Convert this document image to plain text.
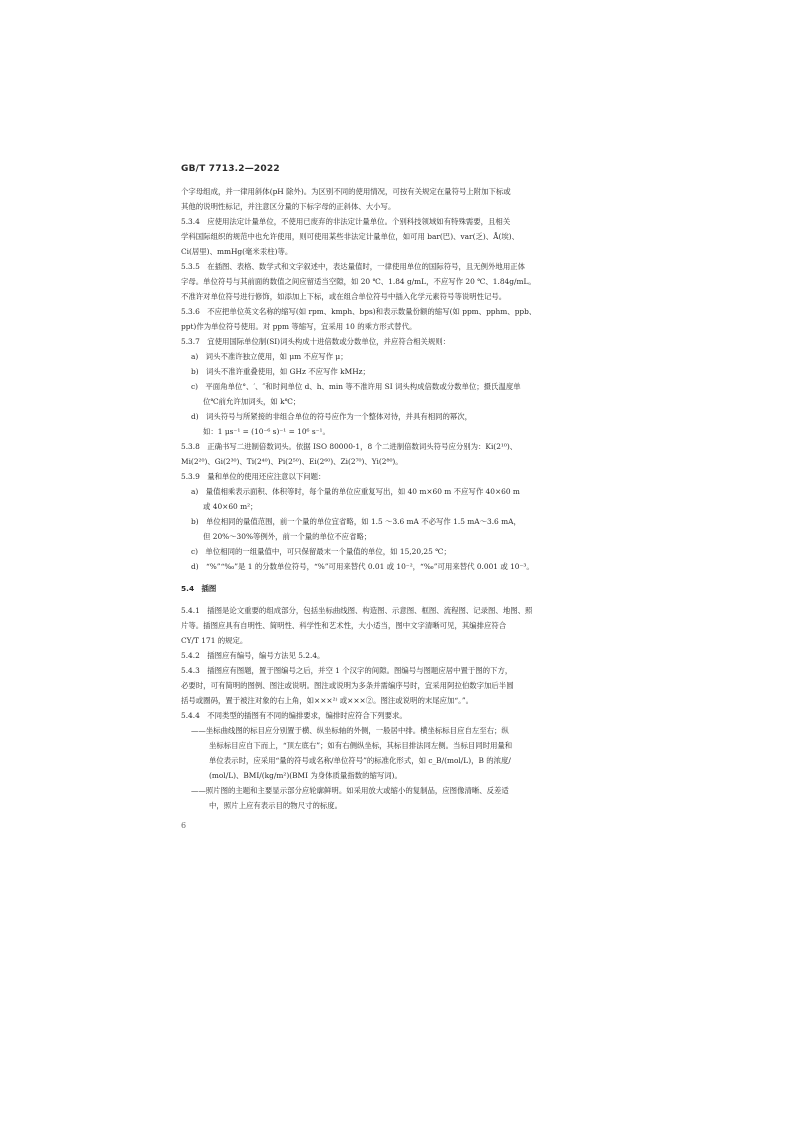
GB/T 7713.2—2022
个字母组成，并一律用斜体(pH 除外)。为区别不同的使用情况，可按有关规定在量符号上附加下标或
其他的说明性标记，并注意区分量的下标字母的正斜体、大小写。
5.3.4　应使用法定计量单位，不使用已废弃的非法定计量单位。个别科技领域如有特殊需要，且相关
学科国际组织的规范中也允许使用，则可使用某些非法定计量单位，如可用 bar(巴)、var(乏)、Å(埃)、
Ci(居里)、mmHg(毫米汞柱)等。
5.3.5　在插图、表格、数学式和文字叙述中，表达量值时，一律使用单位的国际符号，且无例外地用正体
字母。单位符号与其前面的数值之间应留适当空隙，如 20 ℃、1.84 g/mL，不应写作 20 ℃、1.84g/mL。
不准许对单位符号进行修饰，如添加上下标，或在组合单位符号中插入化学元素符号等说明性记号。
5.3.6　不应把单位英文名称的缩写(如 rpm、kmph、bps)和表示数量份额的缩写(如 ppm、pphm、ppb、
ppt)作为单位符号使用。对 ppm 等缩写，宜采用 10 的乘方形式替代。
5.3.7　宜使用国际单位制(SI)词头构成十进倍数或分数单位，并应符合相关规则：
a)　词头不准许独立使用，如 μm 不应写作 μ；
b)　词头不准许重叠使用，如 GHz 不应写作 kMHz；
c)　平面角单位°、′、″和时间单位 d、h、min 等不准许用 SI 词头构成倍数或分数单位；摄氏温度单
位℃前允许加词头，如 k℃；
d)　词头符号与所紧接的非组合单位的符号应作为一个整体对待，并具有相同的幂次，
如：1 μs⁻¹ = (10⁻⁶ s)⁻¹ = 10⁶ s⁻¹。
5.3.8　正确书写二进制倍数词头。依据 ISO 80000-1，8 个二进制倍数词头符号应分别为：Ki(2¹⁰)、
Mi(2²⁰)、Gi(2³⁰)、Ti(2⁴⁰)、Pi(2⁵⁰)、Ei(2⁶⁰)、Zi(2⁷⁰)、Yi(2⁸⁰)。
5.3.9　量和单位的使用还应注意以下问题：
a)　量值相乘表示面积、体积等时，每个量的单位应重复写出，如 40 m×60 m 不应写作 40×60 m
或 40×60 m²；
b)　单位相同的量值范围，前一个量的单位宜省略，如 1.5 ～3.6 mA 不必写作 1.5 mA～3.6 mA，
但 20%～30%等例外，前一个量的单位不应省略；
c)　单位相同的一组量值中，可只保留最末一个量值的单位，如 15,20,25 ℃；
d)　“%”“‰”是 1 的分数单位符号，“%”可用来替代 0.01 或 10⁻²，“‰”可用来替代 0.001 或 10⁻³。
5.4　插图
5.4.1　插图是论文重要的组成部分，包括坐标曲线图、构造图、示意图、框图、流程图、记录图、地图、照
片等。插图应具有自明性、简明性、科学性和艺术性，大小适当，图中文字清晰可见，其编排应符合
CY/T 171 的规定。
5.4.2　插图应有编号，编号方法见 5.2.4。
5.4.3　插图应有图题，置于图编号之后，并空 1 个汉字的间隙。图编号与图题应居中置于图的下方，
必要时，可有简明的图例、图注或说明。图注或说明为多条并需编序号时，宜采用阿拉伯数字加后半圆
括号或圈码，置于被注对象的右上角，如×××²⁾ 或×××②。图注或说明的末尾应加“。”。
5.4.4　不同类型的插图有不同的编排要求，编排时应符合下列要求。
——坐标曲线图的标目应分别置于横、纵坐标轴的外侧，一般居中排。横坐标标目应自左至右；纵
坐标标目应自下而上，“顶左底右”；如有右侧纵坐标，其标目排法同左侧。当标目同时用量和
单位表示时，应采用“量的符号或名称/单位符号”的标准化形式，如 c_B/(mol/L)，B 的浓度/
(mol/L)、BMI/(kg/m²)(BMI 为身体质量指数的缩写词)。
——照片图的主题和主要显示部分应轮廓鲜明。如采用放大或缩小的复制品，应图像清晰、反差适
中，照片上应有表示目的物尺寸的标度。
6
